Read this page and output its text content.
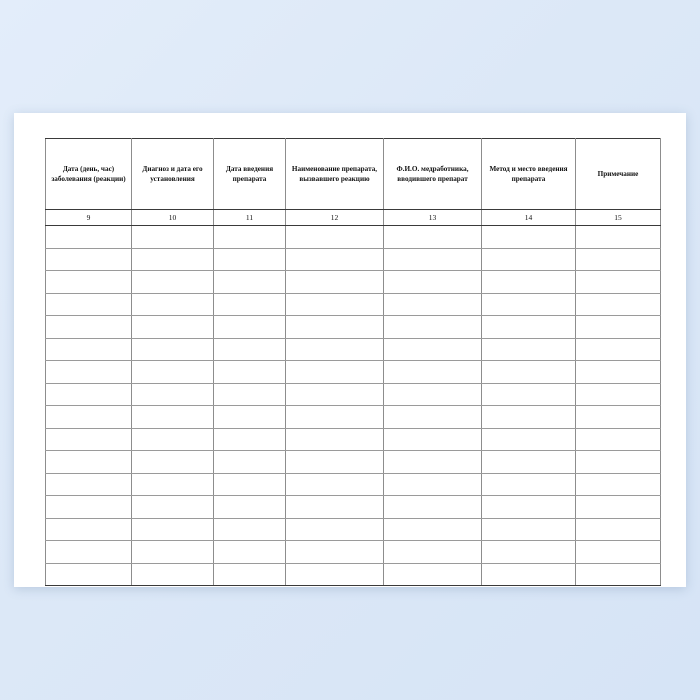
Дата (день, час) заболевания (реакции)	Диагноз и дата его установления	Дата введения препарата	Наименование препарата, вызвавшего реакцию	Ф.И.О. медработника, вводившего препарат	Метод и место введения препарата	Примечание

9	10	11	12	13	14	15
